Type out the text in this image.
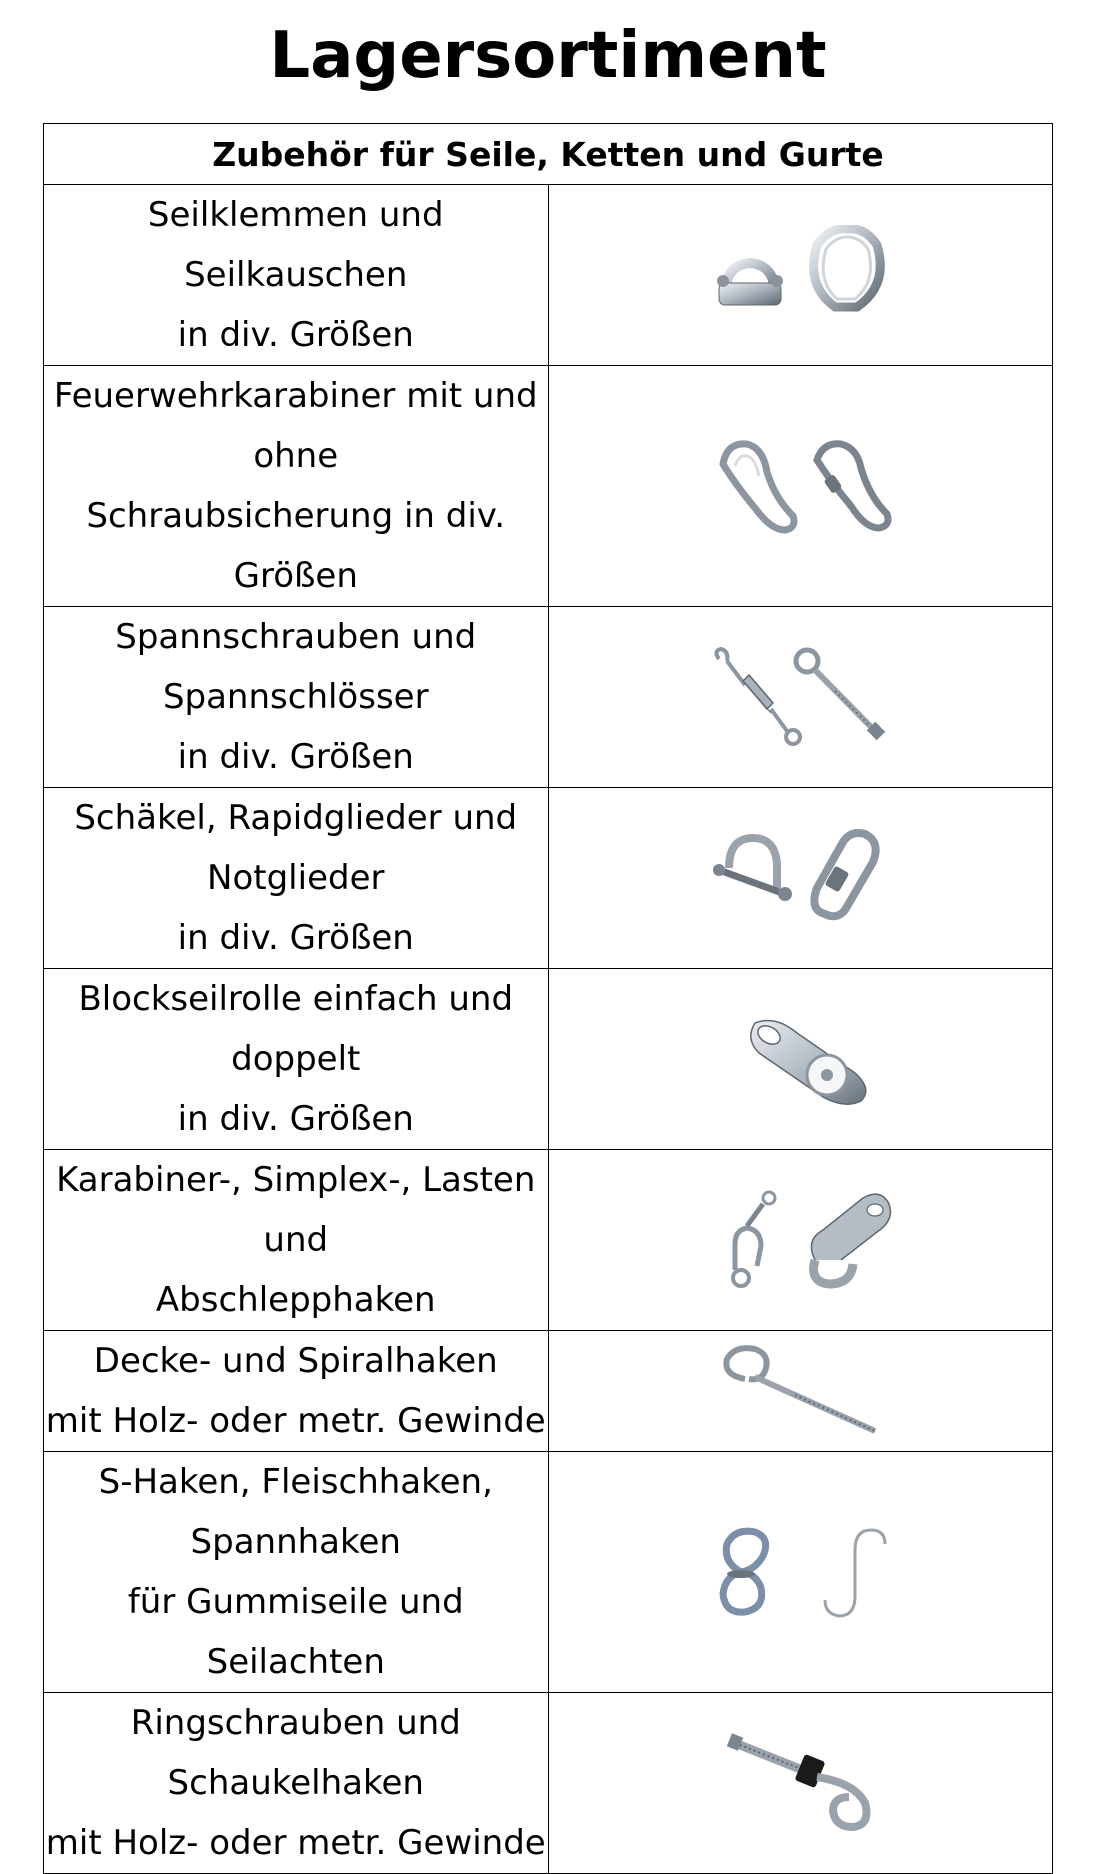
Lagersortiment
Zubehör für Seile, Ketten und Gurte	

Seilklemmen und Seilkauschen
in div. Größen

Feuerwehrkarabiner mit und ohne
Schraubsicherung in div. Größen

Spannschrauben und Spannschlösser
in div. Größen

Schäkel, Rapidglieder und Notglieder
in div. Größen

Blockseilrolle einfach und doppelt
in div. Größen

Karabiner-, Simplex-, Lasten und
Abschlepphaken

Decke- und Spiralhaken
mit Holz- oder metr. Gewinde

S-Haken, Fleischhaken, Spannhaken
für Gummiseile und Seilachten

Ringschrauben und Schaukelhaken
mit Holz- oder metr. Gewinde
